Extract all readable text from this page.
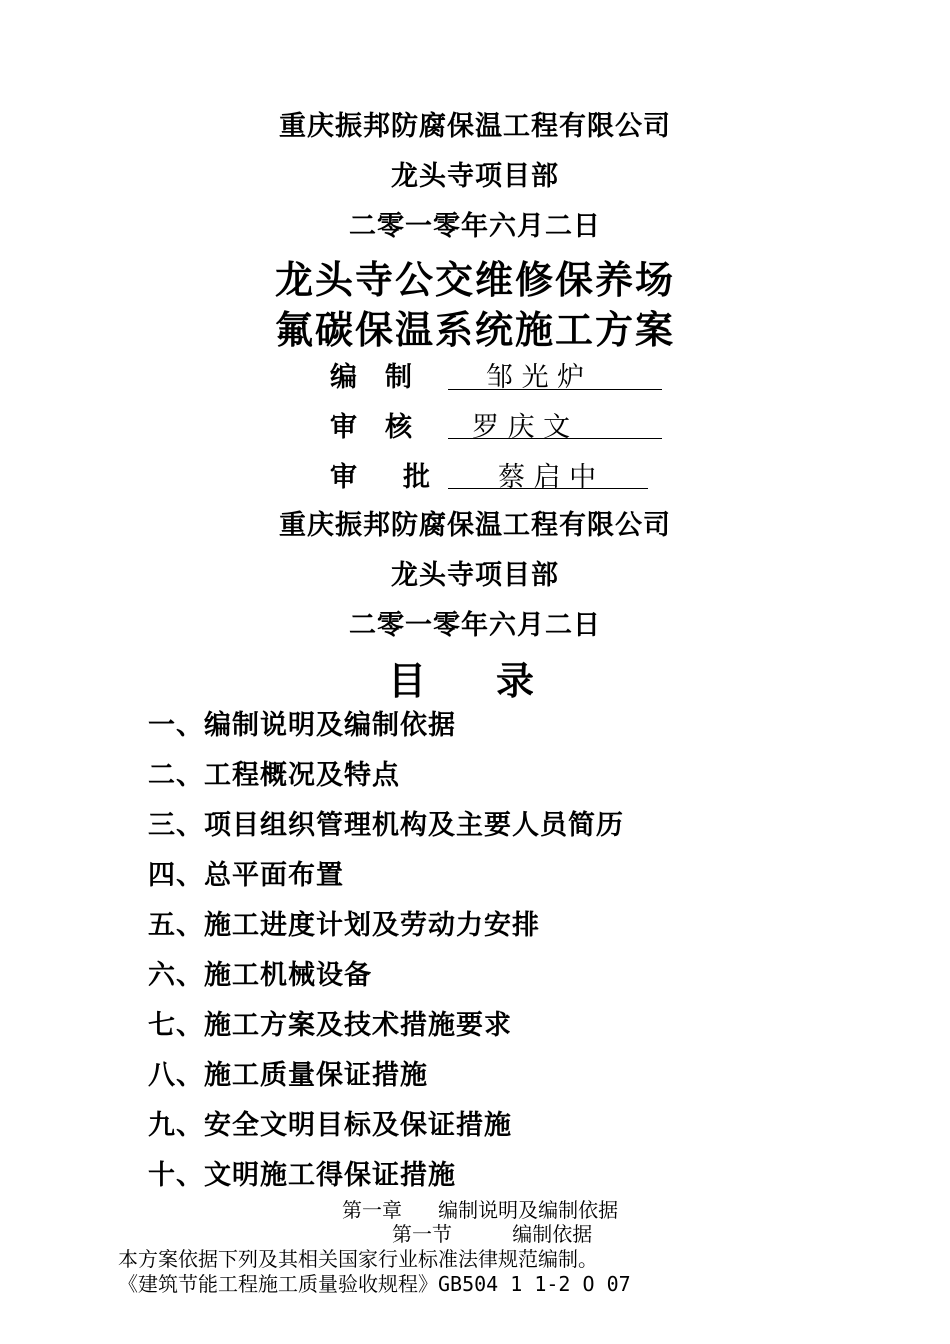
重庆振邦防腐保温工程有限公司
龙头寺项目部
二零一零年六月二日
龙头寺公交维修保养场
氟碳保温系统施工方案
编 制	邹 光 炉
审 核 罗 庆 文
审 批	蔡 启 中
重庆振邦防腐保温工程有限公司
龙头寺项目部
二零一零年六月二日
目 录
一、编制说明及编制依据
二、工程概况及特点
三、项目组织管理机构及主要人员简历
四、总平面布置
五、施工进度计划及劳动力安排
六、施工机械设备
七、施工方案及技术措施要求
八、施工质量保证措施
九、安全文明目标及保证措施
十、文明施工得保证措施
第一章   编制说明及编制依据
第一节     编制依据
本方案依据下列及其相关国家行业标准法律规范编制。
《建筑节能工程施工质量验收规程》GB504 1 1-2 O 07
